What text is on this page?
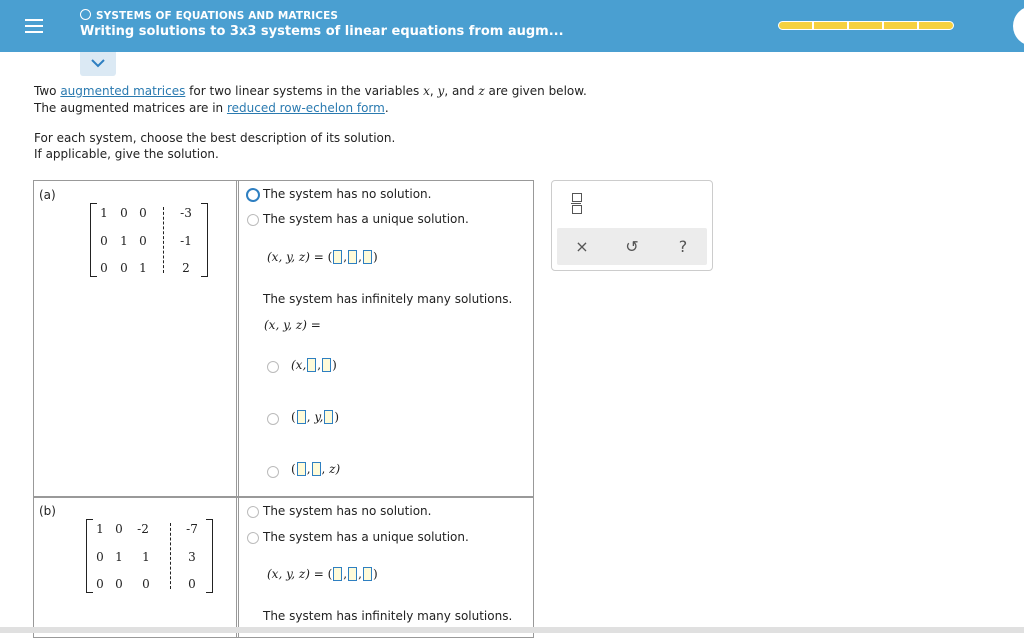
SYSTEMS OF EQUATIONS AND MATRICES
Writing solutions to 3x3 systems of linear equations from augm...
Two augmented matrices for two linear systems in the variables x, y, and z are given below.
The augmented matrices are in reduced row-echelon form.
For each system, choose the best description of its solution.
If applicable, give the solution.
(a)
1	0 0	-3
0	1 0	-1
0	0 1	2
The system has no solution.
The system has a unique solution.
(x, y, z) = ( , , )
The system has infinitely many solutions.
(x, y, z) =
(x, , )
( , y, )
( , , z)
(b)
1 0	-2	-7
0 1	1	3
0 0	0	0
The system has no solution.
The system has a unique solution.
(x, y, z) = ( , , )
The system has infinitely many solutions.
×	↺	?
